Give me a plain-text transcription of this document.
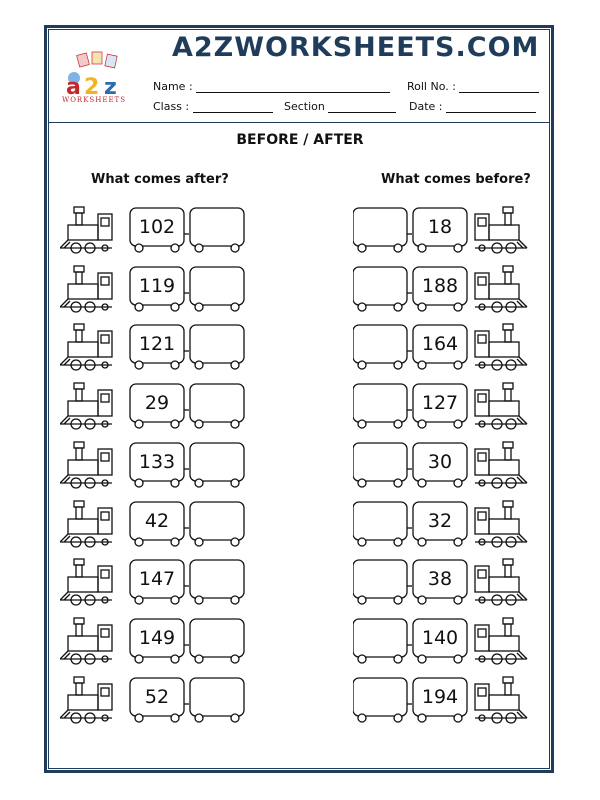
A2ZWORKSHEETS.COM
a 2 z
WORKSHEETS
Name :	Roll No. :
Class :	Section	Date :
BEFORE / AFTER
What comes after?	What comes before?
102
119
121
29
133
42
147
149
52
18
188
164
127
30
32
38
140
194
